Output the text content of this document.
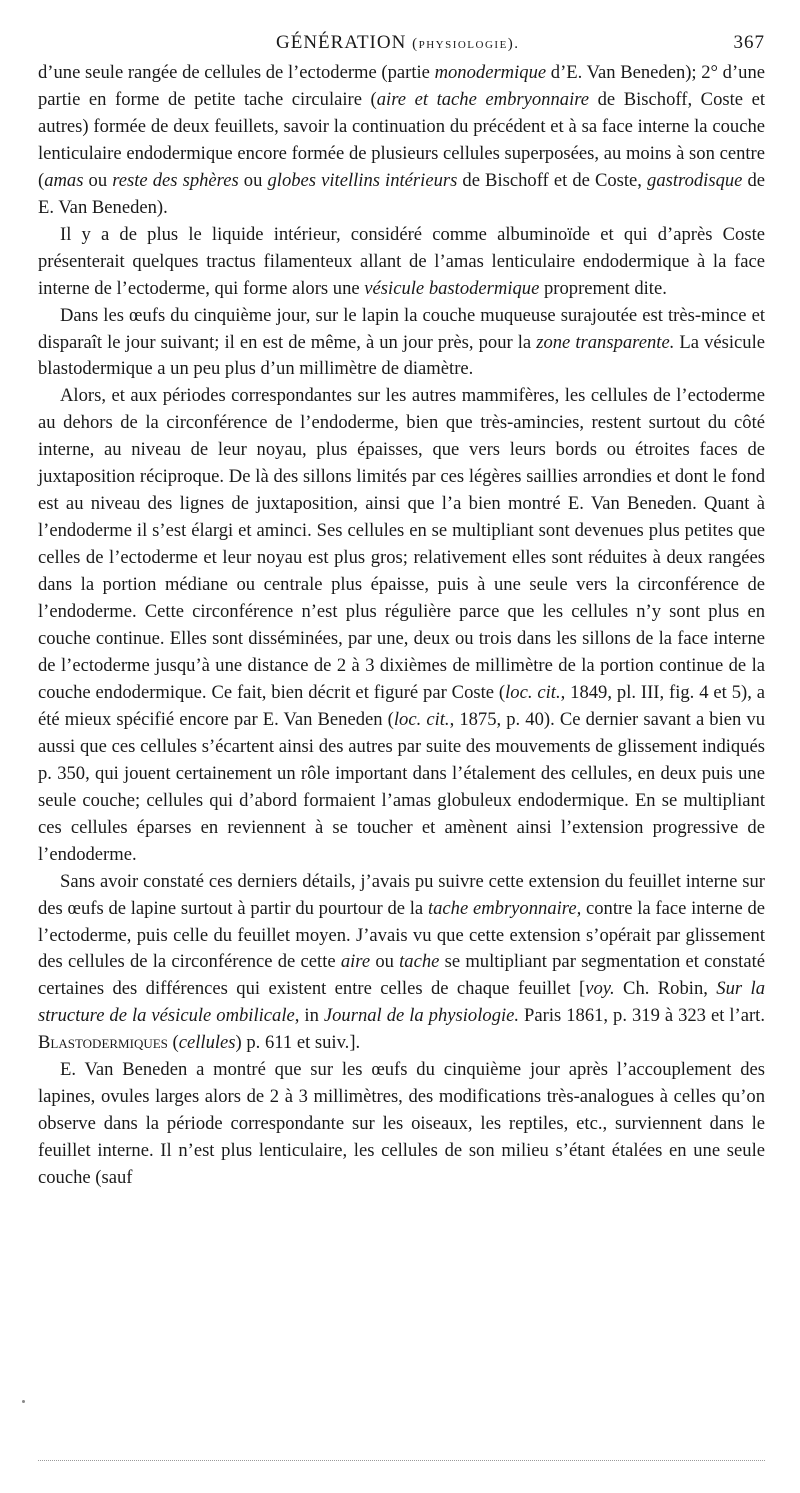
GÉNÉRATION (physiologie).	367

d’une seule rangée de cellules de l’ectoderme (partie monodermique d’E. Van Beneden); 2° d’une partie en forme de petite tache circulaire (aire et tache embryonnaire de Bischoff, Coste et autres) formée de deux feuillets, savoir la continuation du précédent et à sa face interne la couche lenticulaire endodermique encore formée de plusieurs cellules superposées, au moins à son centre (amas ou reste des sphères ou globes vitellins intérieurs de Bischoff et de Coste, gastrodisque de E. Van Beneden).

Il y a de plus le liquide intérieur, considéré comme albuminoïde et qui d’après Coste présenterait quelques tractus filamenteux allant de l’amas lenticulaire endodermique à la face interne de l’ectoderme, qui forme alors une vésicule bastodermique proprement dite.

Dans les œufs du cinquième jour, sur le lapin la couche muqueuse surajoutée est très-mince et disparaît le jour suivant; il en est de même, à un jour près, pour la zone transparente. La vésicule blastodermique a un peu plus d’un millimètre de diamètre.

Alors, et aux périodes correspondantes sur les autres mammifères, les cellules de l’ectoderme au dehors de la circonférence de l’endoderme, bien que très-amincies, restent surtout du côté interne, au niveau de leur noyau, plus épaisses, que vers leurs bords ou étroites faces de juxtaposition réciproque. De là des sillons limités par ces légères saillies arrondies et dont le fond est au niveau des lignes de juxtaposition, ainsi que l’a bien montré E. Van Beneden. Quant à l’endoderme il s’est élargi et aminci. Ses cellules en se multipliant sont devenues plus petites que celles de l’ectoderme et leur noyau est plus gros; relativement elles sont réduites à deux rangées dans la portion médiane ou centrale plus épaisse, puis à une seule vers la circonférence de l’endoderme. Cette circonférence n’est plus régulière parce que les cellules n’y sont plus en couche continue. Elles sont disséminées, par une, deux ou trois dans les sillons de la face interne de l’ectoderme jusqu’à une distance de 2 à 3 dixièmes de millimètre de la portion continue de la couche endodermique. Ce fait, bien décrit et figuré par Coste (loc. cit., 1849, pl. III, fig. 4 et 5), a été mieux spécifié encore par E. Van Beneden (loc. cit., 1875, p. 40). Ce dernier savant a bien vu aussi que ces cellules s’écartent ainsi des autres par suite des mouvements de glissement indiqués p. 350, qui jouent certainement un rôle important dans l’étalement des cellules, en deux puis une seule couche; cellules qui d’abord formaient l’amas globuleux endodermique. En se multipliant ces cellules éparses en reviennent à se toucher et amènent ainsi l’extension progressive de l’endoderme.

Sans avoir constaté ces derniers détails, j’avais pu suivre cette extension du feuillet interne sur des œufs de lapine surtout à partir du pourtour de la tache embryonnaire, contre la face interne de l’ectoderme, puis celle du feuillet moyen. J’avais vu que cette extension s’opérait par glissement des cellules de la circonférence de cette aire ou tache se multipliant par segmentation et constaté certaines des différences qui existent entre celles de chaque feuillet [voy. Ch. Robin, Sur la structure de la vésicule ombilicale, in Journal de la physiologie. Paris 1861, p. 319 à 323 et l’art. Blastodermiques (cellules) p. 611 et suiv.].

E. Van Beneden a montré que sur les œufs du cinquième jour après l’accouplement des lapines, ovules larges alors de 2 à 3 millimètres, des modifications très-analogues à celles qu’on observe dans la période correspondante sur les oiseaux, les reptiles, etc., surviennent dans le feuillet interne. Il n’est plus lenticulaire, les cellules de son milieu s’étant étalées en une seule couche (sauf
